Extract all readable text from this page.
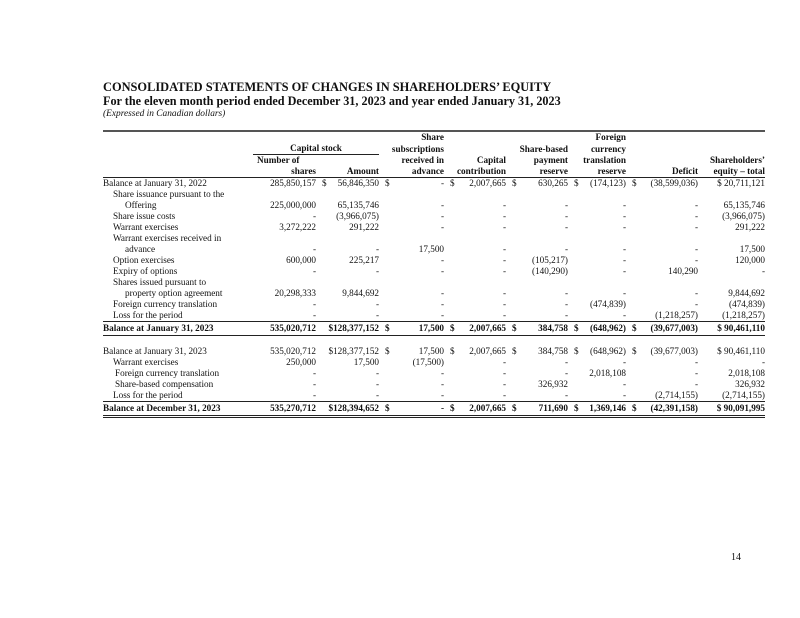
CONSOLIDATED STATEMENTS OF CHANGES IN SHAREHOLDERS’ EQUITY
For the eleven month period ended December 31, 2023 and year ended January 31, 2023
(Expressed in Canadian dollars)
			Share			Foreign		
	Capital stock		subscriptions		Share-based	currency		
	Number of		received in	Capital	payment	translation		Shareholders’
	shares	Amount	advance	contribution	reserve	reserve	Deficit	equity – total
Balance at January 31, 2022	285,850,157	$ 56,846,350	$ -	$ 2,007,665	$ 630,265	$ (174,123)	$ (38,599,036)	$ 20,711,121
Share issuance pursuant to the								
Offering	225,000,000	65,135,746	-	-	-	-	-	65,135,746
Share issue costs	-	(3,966,075)	-	-	-	-	-	(3,966,075)
Warrant exercises	3,272,222	291,222	-	-	-	-	-	291,222
Warrant exercises received in								
advance	-	-	17,500	-	-	-	-	17,500
Option exercises	600,000	225,217	-	-	(105,217)	-	-	120,000
Expiry of options	-	-	-	-	(140,290)	-	140,290	-
Shares issued pursuant to								
property option agreement	20,298,333	9,844,692	-	-	-	-	-	9,844,692
Foreign currency translation	-	-	-	-	-	(474,839)	-	(474,839)
Loss for the period	-	-	-	-	-	-	(1,218,257)	(1,218,257)
Balance at January 31, 2023	535,020,712	$128,377,152	$ 17,500	$ 2,007,665	$ 384,758	$ (648,962)	$ (39,677,003)	$ 90,461,110

Balance at January 31, 2023	535,020,712	$128,377,152	$ 17,500	$ 2,007,665	$ 384,758	$ (648,962)	$ (39,677,003)	$ 90,461,110
Warrant exercises	250,000	17,500	(17,500)	-	-	-	-	-
Foreign currency translation	-	-	-	-	-	2,018,108	-	2,018,108
Share-based compensation	-	-	-	-	326,932	-	-	326,932
Loss for the period	-	-	-	-	-	-	(2,714,155)	(2,714,155)
Balance at December 31, 2023	535,270,712	$128,394,652	$ -	$ 2,007,665	$ 711,690	$ 1,369,146	$ (42,391,158)	$ 90,091,995
14
